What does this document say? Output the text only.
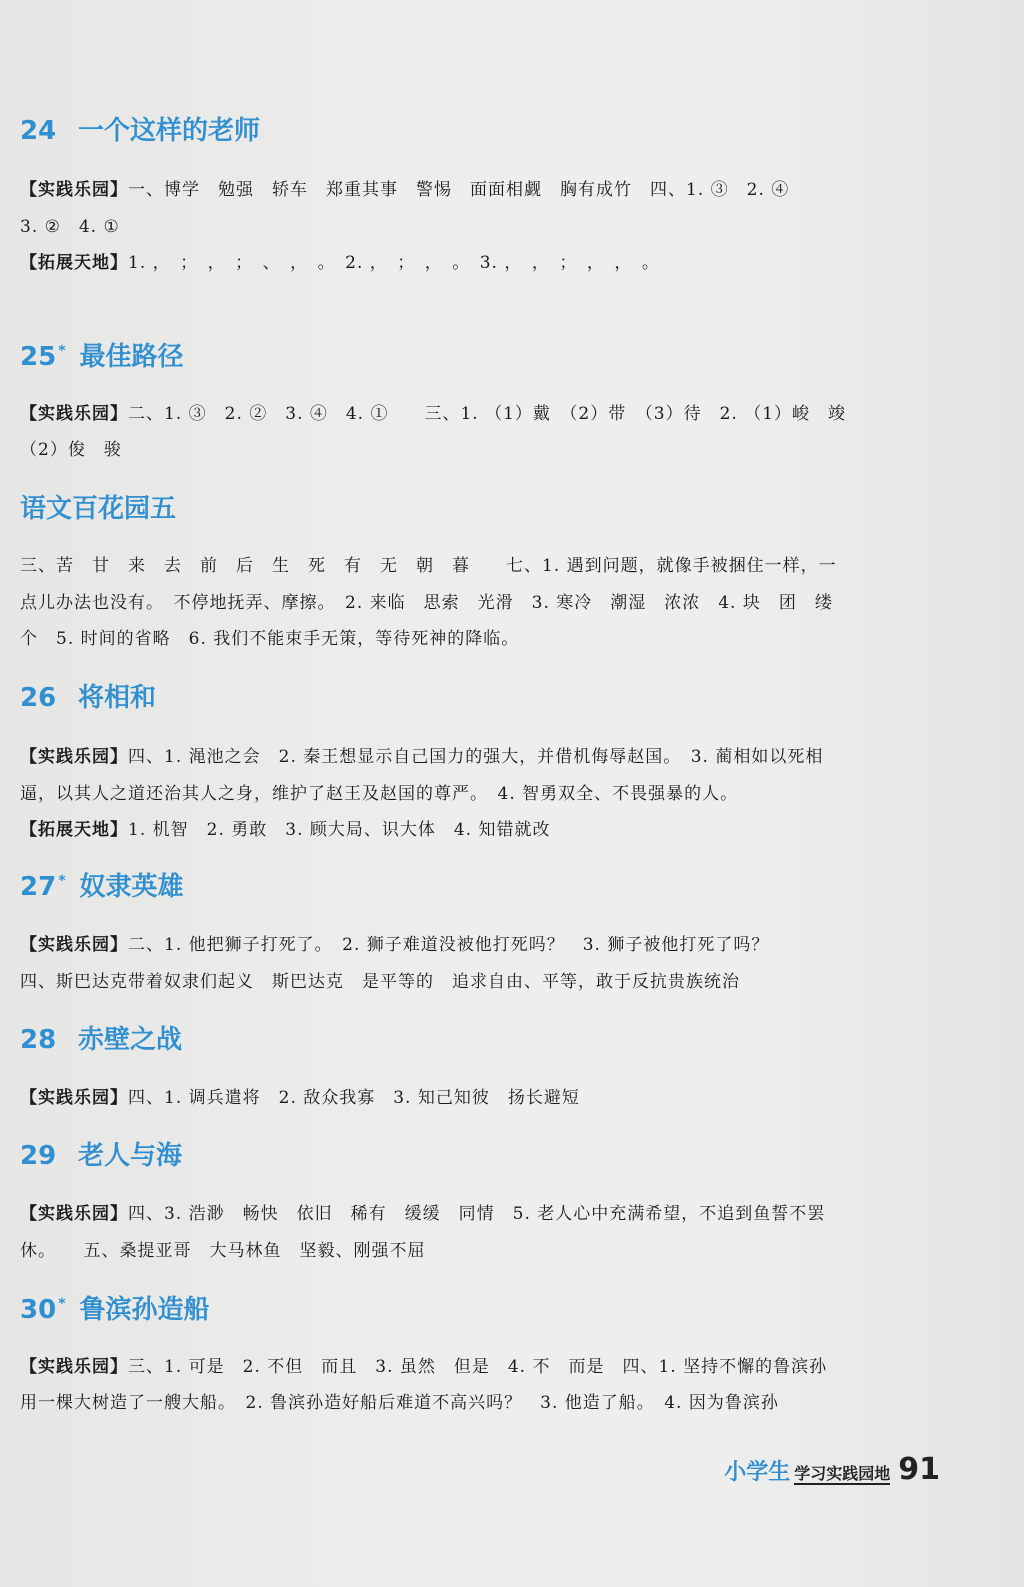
24 一个这样的老师
【实践乐园】一、博学　勉强　轿车　郑重其事　警惕　面面相觑　胸有成竹　四、1. ③　2. ④
3. ②　4. ①
【拓展天地】1. ，　；　，　；　、　，　。　2. ，　；　，　。　3. ，　，　；　，　，　。
25 * 最佳路径
【实践乐园】二、1. ③　2. ②　3. ④　4. ①　　三、1. （1）戴　（2）带　（3）待　2. （1）峻　竣
（2）俊　骏
语文百花园五
三、苦　甘　来　去　前　后　生　死　有　无　朝　暮　　七、1. 遇到问题，就像手被捆住一样，一
点儿办法也没有。　不停地抚弄、摩擦。　2. 来临　思索　光滑　3. 寒冷　潮湿　浓浓　4. 块　团　缕
个　5. 时间的省略　6. 我们不能束手无策，等待死神的降临。
26 将相和
【实践乐园】四、1. 渑池之会　2. 秦王想显示自己国力的强大，并借机侮辱赵国。　3. 蔺相如以死相
逼，以其人之道还治其人之身，维护了赵王及赵国的尊严。　4. 智勇双全、不畏强暴的人。
【拓展天地】1. 机智　2. 勇敢　3. 顾大局、识大体　4. 知错就改
27 * 奴隶英雄
【实践乐园】二、1. 他把狮子打死了。　2. 狮子难道没被他打死吗？　3. 狮子被他打死了吗？
四、斯巴达克带着奴隶们起义　斯巴达克　是平等的　追求自由、平等，敢于反抗贵族统治
28 赤壁之战
【实践乐园】四、1. 调兵遣将　2. 敌众我寡　3. 知己知彼　扬长避短
29 老人与海
【实践乐园】四、3. 浩渺　畅快　依旧　稀有　缓缓　同情　5. 老人心中充满希望，不追到鱼誓不罢
休。　　五、桑提亚哥　大马林鱼　坚毅、刚强不屈
30 * 鲁滨孙造船
【实践乐园】三、1. 可是　2. 不但　而且　3. 虽然　但是　4. 不　而是　四、1. 坚持不懈的鲁滨孙
用一棵大树造了一艘大船。　2. 鲁滨孙造好船后难道不高兴吗？　3. 他造了船。　4. 因为鲁滨孙
小学生 学习实践园地 91
